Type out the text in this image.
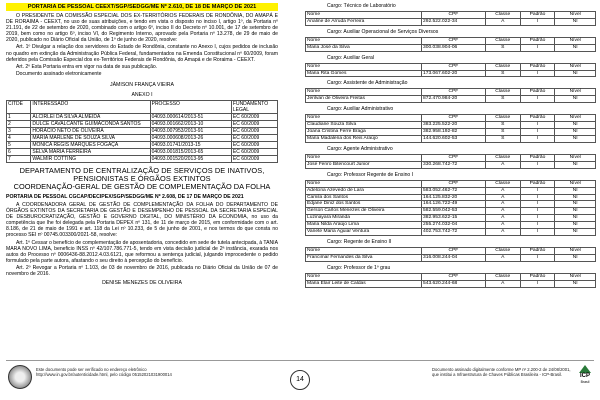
PORTARIA DE PESSOAL CEEXT/SGP/SEDGG/ME Nº 2.610, DE 18 DE MARÇO DE 2021

O PRESIDENTE DA COMISSÃO ESPECIAL DOS EX-TERRITÓRIOS FEDERAIS DE RONDÔNIA, DO AMAPÁ E DE RORAIMA - CEEXT, no uso de suas atribuições, e tendo em vista o disposto no inciso I, artigo 1º, da Portaria nº 21.191, de 22 de setembro de 2020, combinado com o artigo 6º, inciso II do Decreto nº 10.001, de 17 de setembro de 2019, bem como no artigo 6º, inciso VI, do Regimento Interno, aprovado pela Portaria nº 13.278, de 29 de maio de 2020, publicado no Diário Oficial da União, de 1º de junho de 2020, resolve:

Art. 1º Divulgar a relação dos servidores do Estado de Rondônia, constante no Anexo I, cujos pedidos de inclusão no quadro em extinção da Administração Pública Federal, fundamentados na Emenda Constitucional nº 60/2009, foram deferidos pela Comissão Especial dos ex-Territórios Federais de Rondônia, do Amapá e de Roraima - CEEXT.

Art. 2º Esta Portaria entra em vigor na data de sua publicação.

Documento assinado eletronicamente

JÂMISON FRANÇA VIEIRA
ANEXO I
CITDE	INTERESSADO	PROCESSO	FUNDAMENTO LEGAL
1	ALCIRLEI DA SILVA ALMEIDA	04093.000614/2013-51	EC 60/2009
2	DULCE CAVALCANTE GUIMACONDA SANTOS	04093.001662/2013-10	EC 60/2009
3	HORÁCIO NETO DE OLIVEIRA	04093.007953/2013-91	EC 60/2009
4	MARIA MARLENE DE SOUZA SILVA	04093.000608/2013-26	EC 60/2009
5	MONICA REGIS MARQUES FOGAÇA	04093.01741/2013-15	EC 60/2009
6	SELVA MARIA FERREIRA	04093.001815/2013-65	EC 60/2009
7	WALMIR COTTING	04093.001520/2013-95	EC 60/2009
DEPARTAMENTO DE CENTRALIZAÇÃO DE SERVIÇOS DE INATIVOS, PENSIONISTAS E ÓRGÃOS EXTINTOS
COORDENAÇÃO-GERAL DE GESTÃO DE COMPLEMENTAÇÃO DA FOLHA
PORTARIA DE PESSOAL CGCAP/DECIPEX/SGP/SEDGG/ME Nº 2.608, DE 17 DE MARÇO DE 2021

A COORDENADORA GERAL DE GESTÃO DE COMPLEMENTAÇÃO DA FOLHA DO DEPARTAMENTO DE ÓRGÃOS EXTINTOS DA SECRETARIA DE GESTÃO E DESEMPENHO DE PESSOAL DA SECRETARIA ESPECIAL DE DESBUROCRATIZAÇÃO, GESTÃO E GOVERNO DIGITAL, DO MINISTÉRIO DA ECONOMIA, no uso da competência que lhe foi delegada pela Portaria DEPEX nº 131, de 11 de março de 2015, em conformidade com o art. 8.186, de 21 de maio de 1991 e art. 118 da Lei nº 10.233, de 5 de junho de 2001, e nos termos do que consta no processo SEI nº 00745.003300/2021-58, resolve:

Art. 1º Cessar o benefício de complementação de aposentadoria, concedido em sede de tutela antecipada, à TANIA MARA NOVO LIMA, beneficio INSS nº 42/107.786.771-5, tendo em vista decisão judicial de 2ª instância, exarada nos autos do Processo nº 0006436-88.2012.4.03.6121, que reformou a sentença judicial, julgando improcedente o pedido formulado pela parte autora, afastando o seu direito à percepção do benefício.

Art. 2º Revogar a Portaria nº 1.103, de 03 de novembro de 2016, publicada no Diário Oficial da União de 07 de novembro de 2016.

DENISE MENEZES DE OLIVEIRA
Cargo: Técnico de Laboratório
Nome	CPF	Classe	Padrão	Nível
Analine de Arruda Ferreira	292.522.022-34	A	I	NI
Cargo: Auxiliar Operacional de Serviços Diversos
Nome	CPF	Classe	Padrão	Nível
Maria José da Silva	300.038.904-06	S	I	NI
Cargo: Auxiliar Geral
Nome	CPF	Classe	Padrão	Nível
Maria Rita Gomes	173.067.602-20	S	I	NI
Cargo: Assistente de Administração
Nome	CPF	Classe	Padrão	Nível
Jerilvan de Oliveira Freitas	872.470.984-20	S	I	NI
Cargo: Auxiliar Administrativo
Nome	CPF	Classe	Padrão	Nível
Claudiane Souza Silva	383.225.522-20	S	I	NI
Joana Cristina Ferre Braga	382.958.192-82	S	I	NI
Maria Madalena dos Reis Araújo	144.620.602-53	S	I	NI
Cargo: Agente Administrativo
Nome	CPF	Classe	Padrão	Nível
José Fenro Bitencourt Junior	330.268.742-72	A	I	NI
Cargo: Professor Regente de Ensino I
Nome	CPF	Classe	Padrão	Nível
Adelcina Azevedo de Lara	583.052.462-72	A	I	NI
Camila dos Santos	164.125.832-20	A	I	NI
Edjane Diniz dos Santos	164.126.722-49	A	I	NI
Gerson Carlos Menezes de Oliveira	582.559.042-53	A	I	NI
Luzinayara Miranda	382.953.622-15	A	I	NI
Maria Nilda Araújo Lima	255.274.032-04	A	I	NI
Vanete Maria Aguiar Ventura	402.753.742-72	A	I	NI
Cargo: Regente de Ensino II
Nome	CPF	Classe	Padrão	Nível
Francimar Fernandes da Silva	316.008.244-04	A	I	NI
Cargo: Professor de 1º grau
Nome	CPF	Classe	Padrão	Nível
Maria Elair Leite de Caldas	543.620.244-68	A	I	NI
Este documento pode ser verificado no endereço eletrônico
http://www.in.gov.br/autenticidade.html, pelo código 05152021031900014
14
Documento assinado digitalmente conforme MP nº 2.200-2 de 24/08/2001,
que institui a Infraestrutura de Chaves Públicas Brasileira - ICP-Brasil.	ICP
Brasil
